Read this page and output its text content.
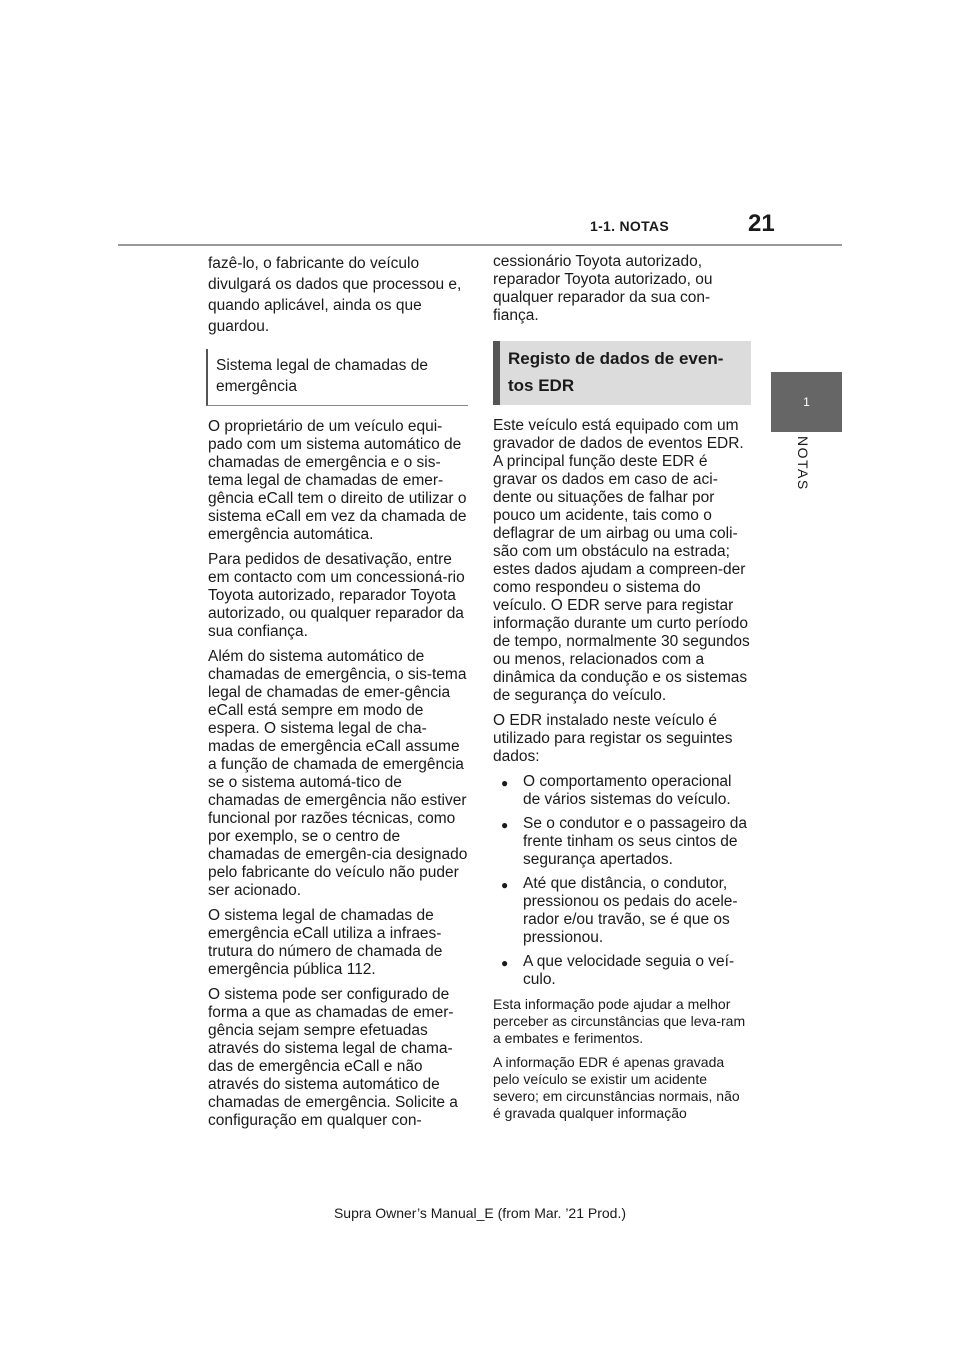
1-1. NOTAS	21
1
NOTAS

fazê-lo, o fabricante do veículo divulgará os dados que processou e, quando aplicável, ainda os que guardou.

Sistema legal de chamadas de emergência

O proprietário de um veículo equi-pado com um sistema automático de chamadas de emergência e o sis-tema legal de chamadas de emer-gência eCall tem o direito de utilizar o sistema eCall em vez da chamada de emergência automática.

Para pedidos de desativação, entre em contacto com um concessioná-rio Toyota autorizado, reparador Toyota autorizado, ou qualquer reparador da sua confiança.

Além do sistema automático de chamadas de emergência, o sis-tema legal de chamadas de emer-gência eCall está sempre em modo de espera. O sistema legal de cha-madas de emergência eCall assume a função de chamada de emergência se o sistema automá-tico de chamadas de emergência não estiver funcional por razões técnicas, como por exemplo, se o centro de chamadas de emergên-cia designado pelo fabricante do veículo não puder ser acionado.

O sistema legal de chamadas de emergência eCall utiliza a infraes-trutura do número de chamada de emergência pública 112.

O sistema pode ser configurado de forma a que as chamadas de emer-gência sejam sempre efetuadas através do sistema legal de chama-das de emergência eCall e não através do sistema automático de chamadas de emergência. Solicite a configuração em qualquer con-

cessionário Toyota autorizado, reparador Toyota autorizado, ou qualquer reparador da sua con-fiança.

Registo de dados de even-tos EDR

Este veículo está equipado com um gravador de dados de eventos EDR. A principal função deste EDR é gravar os dados em caso de aci-dente ou situações de falhar por pouco um acidente, tais como o deflagrar de um airbag ou uma coli-são com um obstáculo na estrada; estes dados ajudam a compreen-der como respondeu o sistema do veículo. O EDR serve para registar informação durante um curto período de tempo, normalmente 30 segundos ou menos, relacionados com a dinâmica da condução e os sistemas de segurança do veículo.

O EDR instalado neste veículo é utilizado para registar os seguintes dados:

● O comportamento operacional de vários sistemas do veículo.
● Se o condutor e o passageiro da frente tinham os seus cintos de segurança apertados.
● Até que distância, o condutor, pressionou os pedais do acele-rador e/ou travão, se é que os pressionou.
● A que velocidade seguia o veí-culo.

Esta informação pode ajudar a melhor perceber as circunstâncias que leva-ram a embates e ferimentos.

A informação EDR é apenas gravada pelo veículo se existir um acidente severo; em circunstâncias normais, não é gravada qualquer informação

Supra Owner’s Manual_E (from Mar. ’21 Prod.)
